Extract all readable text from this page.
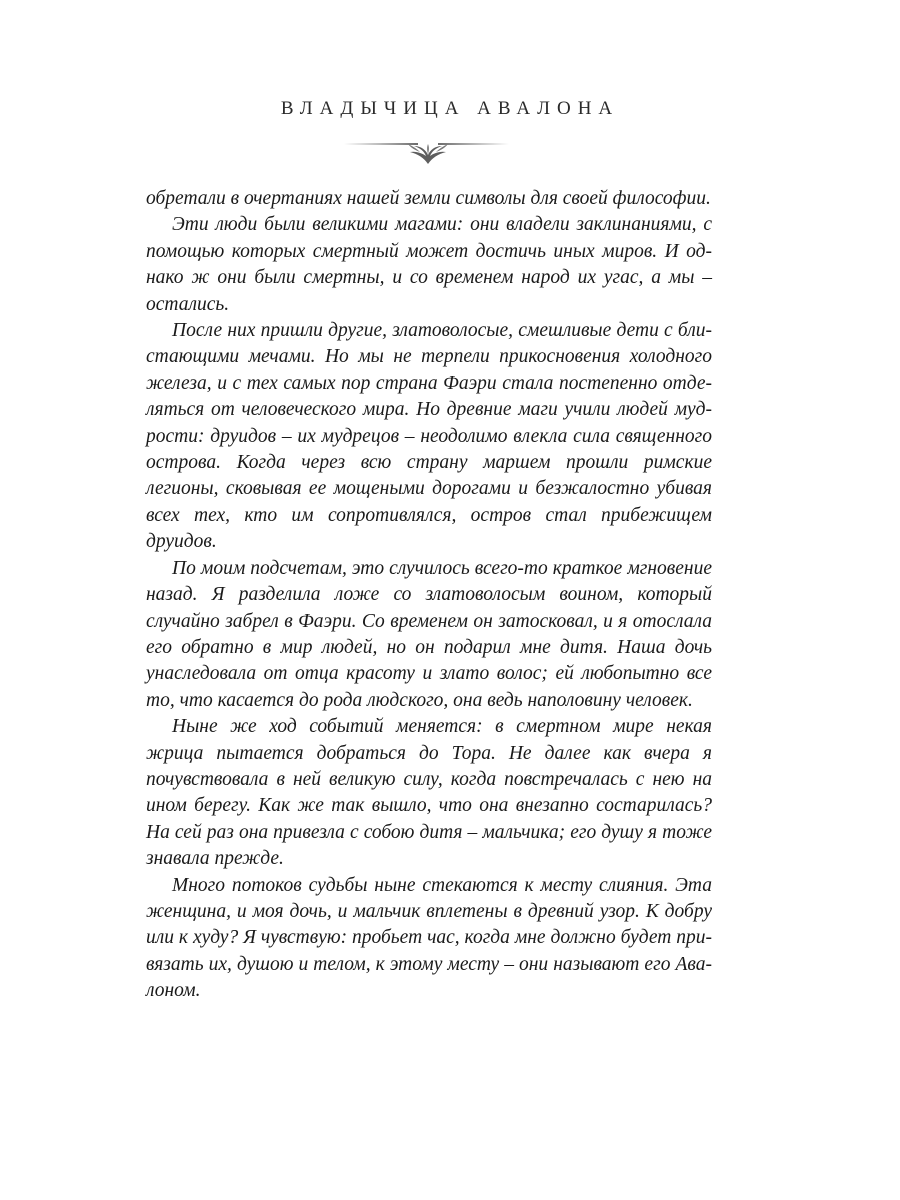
ВЛАДЫЧИЦА АВАЛОНА

обретали в очертаниях нашей земли символы для своей философии.

Эти люди были великими магами: они владели заклинаниями, с помощью которых смертный может достичь иных миров. И однако ж они были смертны, и со временем народ их угас, а мы – остались.

После них пришли другие, златоволосые, смешливые дети с блистающими мечами. Но мы не терпели прикосновения холодного железа, и с тех самых пор страна Фаэри стала постепенно отделяться от человеческого мира. Но древние маги учили людей мудрости: друидов – их мудрецов – неодолимо влекла сила священного острова. Когда через всю страну маршем прошли римские легионы, сковывая ее мощеными дорогами и безжалостно убивая всех тех, кто им сопротивлялся, остров стал прибежищем друидов.

По моим подсчетам, это случилось всего-то краткое мгновение назад. Я разделила ложе со златоволосым воином, который случайно забрел в Фаэри. Со временем он затосковал, и я отослала его обратно в мир людей, но он подарил мне дитя. Наша дочь унаследовала от отца красоту и злато волос; ей любопытно все то, что касается до рода людского, она ведь наполовину человек.

Ныне же ход событий меняется: в смертном мире некая жрица пытается добраться до Тора. Не далее как вчера я почувствовала в ней великую силу, когда повстречалась с нею на ином берегу. Как же так вышло, что она внезапно состарилась? На сей раз она привезла с собою дитя – мальчика; его душу я тоже знавала прежде.

Много потоков судьбы ныне стекаются к месту слияния. Эта женщина, и моя дочь, и мальчик вплетены в древний узор. К добру или к худу? Я чувствую: пробьет час, когда мне должно будет привязать их, душою и телом, к этому месту – они называют его Авалоном.
